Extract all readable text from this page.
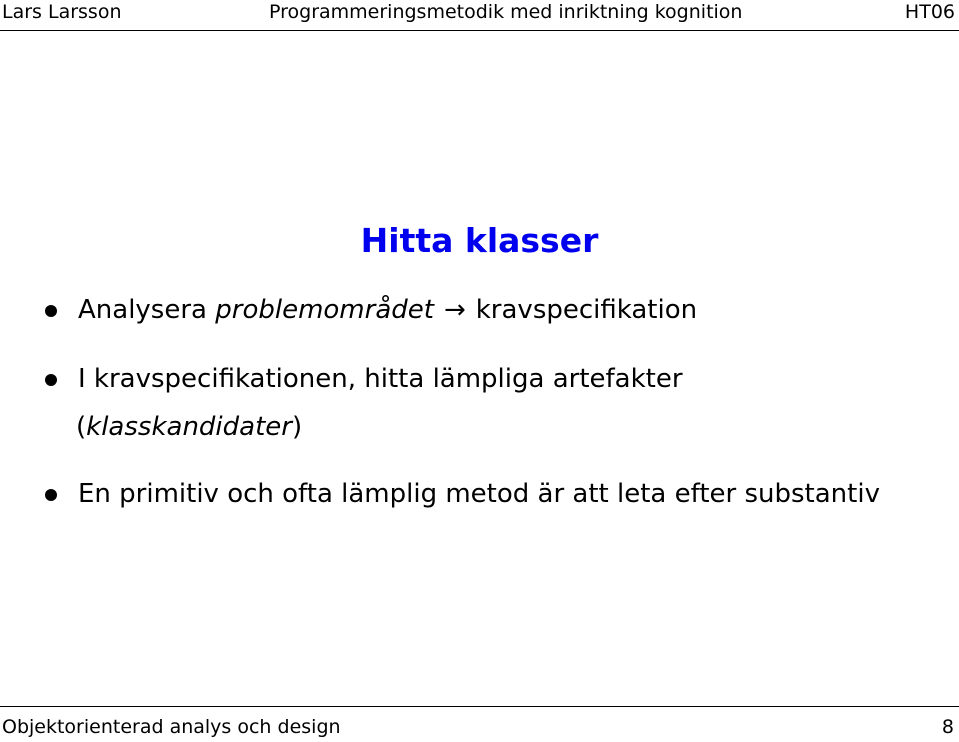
Lars Larsson	Programmeringsmetodik med inriktning kognition	HT06
Hitta klasser
Analysera problemområdet → kravspecifikation
I kravspecifikationen, hitta lämpliga artefakter
(klasskandidater)
En primitiv och ofta lämplig metod är att leta efter substantiv
Objektorienterad analys och design	8
